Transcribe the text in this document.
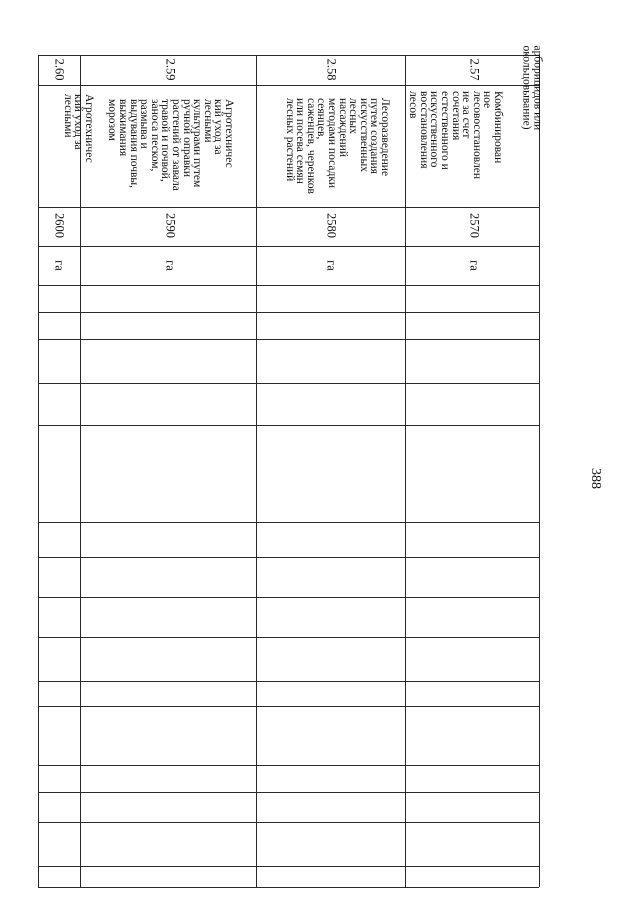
арборицидов или
окольцовывание)
2.57
Комбинирован
ное
лесовосстановлен
ие за счет
сочетания
естественного и
искусственного
восстановления
лесов
2570
га
2.58
Лесоразведение
путем создания
искусственных
лесных
насаждений
методами посадки
сеянцев,
саженцев, черенков
или посева семян
лесных растений
2580
га
2.59
Агротехничес
кий уход за
лесными
культурами путем
ручной оправки
растений от завала
травой и почвой,
заноса песком,
размыва и
выдувания почвы,
выжимания
морозом
2590
га
2.60
Агротехничес
кий уход за
лесными
2600
га
388
